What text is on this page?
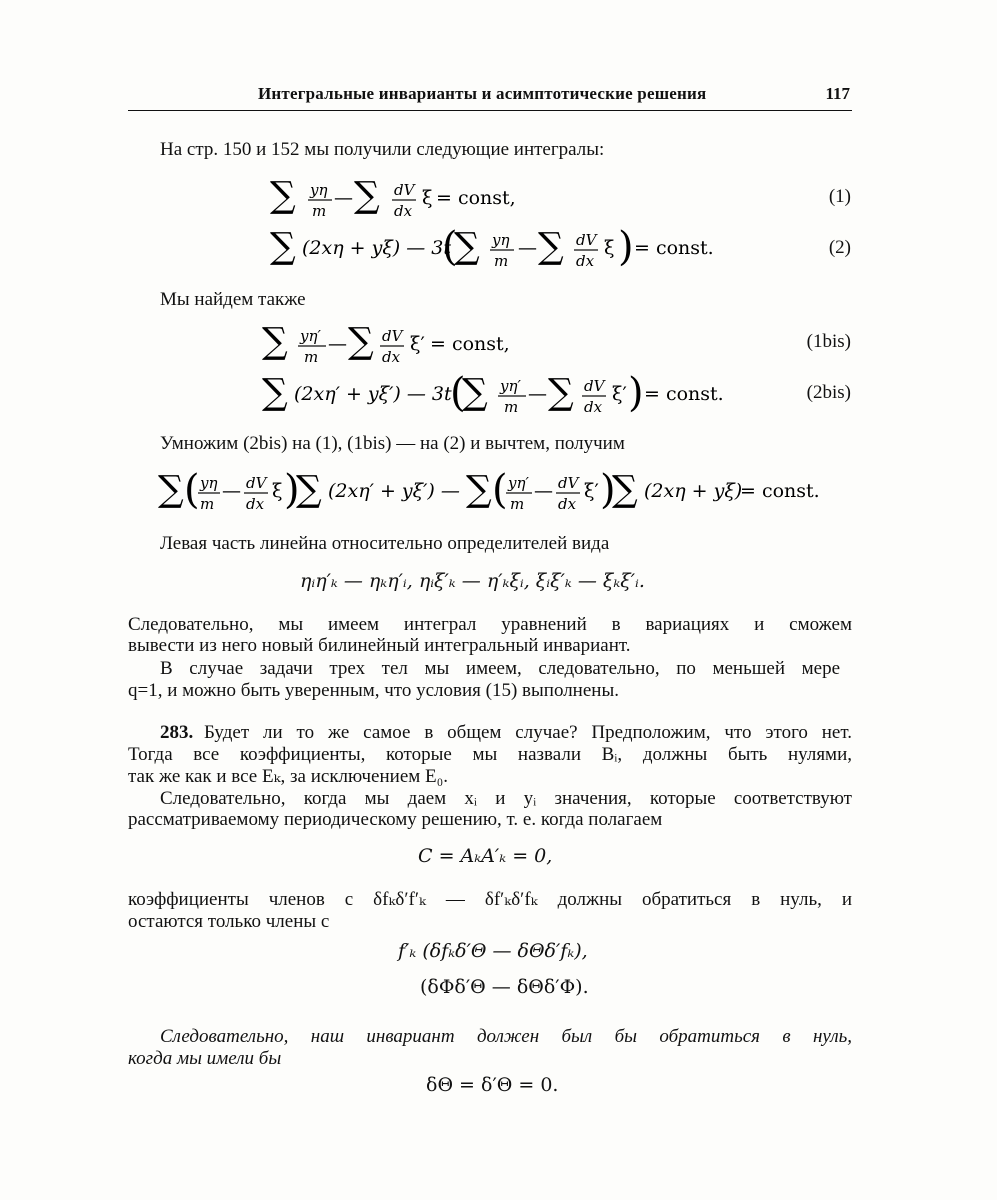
Интегральные инварианты и асимптотические решения	117
На стр. 150 и 152 мы получили следующие интегралы:
∑ yη
m
— ∑ dV
dx
ξ = const,	(1)
∑ (2xη + yξ) — 3t
(
∑ yη
m
— ∑ dV
dx
ξ ) = const.	(2)
Мы найдем также
∑ yη′
m
— ∑ dV
dx
ξ′ = const,	(1bis)
∑ (2xη′ + yξ′) — 3t
(
∑ yη′
m
— ∑ dV
dx
ξ′ ) = const.	(2bis)
Умножим (2bis) на (1), (1bis) — на (2) и вычтем, получим
∑ ( yη
m
— dV
dx
ξ )
∑ (2xη′ + yξ′) — ∑ ( yη′
m
— dV
dx
ξ′ )
∑ (2xη + yξ)
= const.
Левая часть линейна относительно определителей вида
ηᵢη′ₖ — ηₖη′ᵢ, ηᵢξ′ₖ — η′ₖξᵢ, ξᵢξ′ₖ — ξₖξ′ᵢ.
Следовательно, мы имеем интеграл уравнений в вариациях и сможем
вывести из него новый билинейный интегральный инвариант.
В случае задачи трех тел мы имеем, следовательно, по меньшей мере
q=1, и можно быть уверенным, что условия (15) выполнены.
283. Будет ли то же самое в общем случае? Предположим, что этого нет.
Тогда все коэффициенты, которые мы назвали Bᵢ, должны быть нулями,
так же как и все Eₖ, за исключением E₀.
Следовательно, когда мы даем xᵢ и yᵢ значения, которые соответствуют
рассматриваемому периодическому решению, т. е. когда полагаем
C = AₖA′ₖ = 0,
коэффициенты членов с δfₖδ′f′ₖ — δf′ₖδ′fₖ должны обратиться в нуль, и
остаются только члены с
f′ₖ (δfₖδ′Θ — δΘδ′fₖ),
(δΦδ′Θ — δΘδ′Φ).
Следовательно, наш инвариант должен был бы обратиться в нуль,
когда мы имели бы
δΘ = δ′Θ = 0.
